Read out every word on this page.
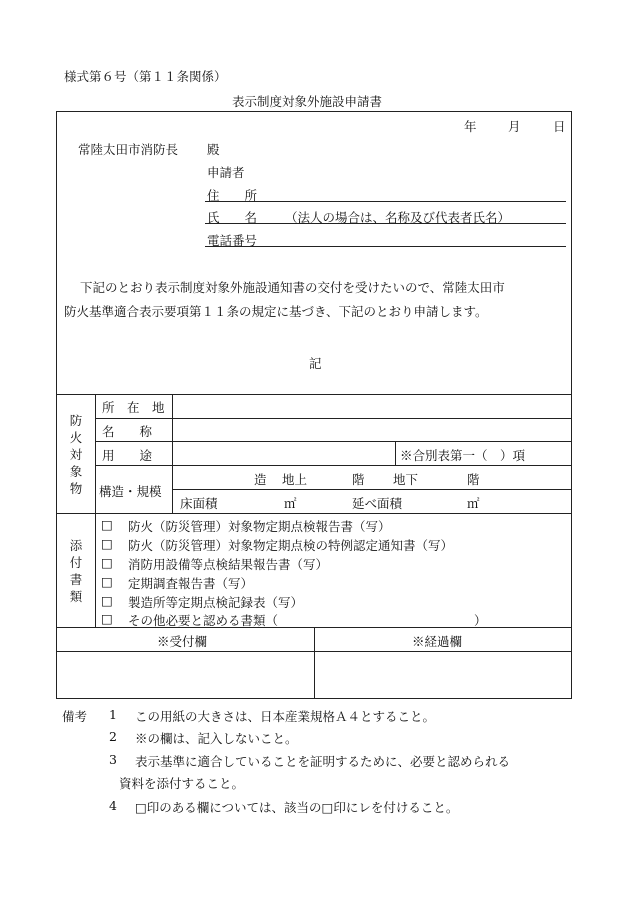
様式第６号（第１１条関係）
表示制度対象外施設申請書
年	月	日
常陸太田市消防長 殿
申請者
住　　所
氏　　名 （法人の場合は、名称及び代表者氏名）
電話番号
下記のとおり表示制度対象外施設通知書の交付を受けたいので、常陸太田市
防火基準適合表示要項第１１条の規定に基づき、下記のとおり申請します。
記
防火対象物
所　在　地
名　　称
用　　途	※合別表第一（　）項
構造・規模
造 地上	階 地下	階
床面積	㎡	延べ面積	㎡
添付書類
□ 防火（防災管理）対象物定期点検報告書（写）
□ 防火（防災管理）対象物定期点検の特例認定通知書（写）
□ 消防用設備等点検結果報告書（写）
□ 定期調査報告書（写）
□ 製造所等定期点検記録表（写）
□ その他必要と認める書類（	）
※受付欄	※経過欄
備考 1 この用紙の大きさは、日本産業規格Ａ４とすること。
2 ※の欄は、記入しないこと。
3 表示基準に適合していることを証明するために、必要と認められる
資料を添付すること。
4 □印のある欄については、該当の□印にレを付けること。
